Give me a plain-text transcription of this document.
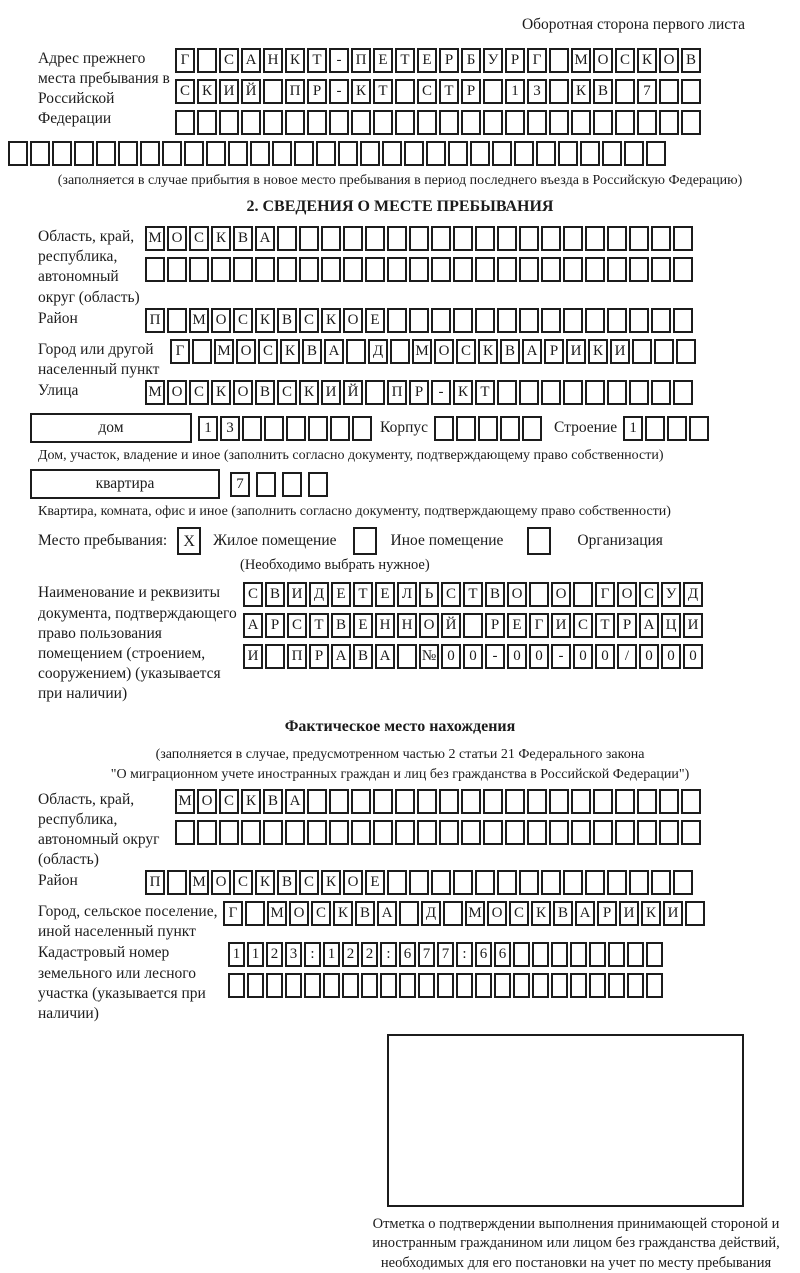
Оборотная сторона первого листа
Адрес прежнего места пребывания в Российской Федерации
Г	С А Н К Т - П Е Т Е Р Б У Р Г	М О С К О В
С К И Й	П Р	- К Т	С Т Р	1 3	К В	7
(заполняется в случае прибытия в новое место пребывания в период последнего въезда в Российскую Федерацию)
2. СВЕДЕНИЯ О МЕСТЕ ПРЕБЫВАНИЯ
Область, край, республика, автономный округ (область)
М О С К В А
Район	П	М О С К В С К О Е
Город или другой населенный пункт
Г	М О С К В А	Д	М О С К В А Р И К И
Улица	М О С К О В С К И Й	П Р	- К Т
дом	1 3	Корпус	Строение 1
Дом, участок, владение и иное (заполнить согласно документу, подтверждающему право собственности)
квартира	7
Квартира, комната, офис и иное (заполнить согласно документу, подтверждающему право собственности)
Место пребывания:	X	Жилое помещение	Иное помещение	Организация
(Необходимо выбрать нужное)
Наименование и реквизиты документа, подтверждающего право пользования помещением (строением, сооружением) (указывается при наличии)
С В И Д Е Т Е Л Ь С Т В О	О	Г О С У Д
А Р С Т В Е Н Н О Й	Р Е Г И С Т Р А Ц И
И	П Р А В А	№ 0 0	-	0 0	-	0 0	/	0 0 0
Фактическое место нахождения
(заполняется в случае, предусмотренном частью 2 статьи 21 Федерального закона
"О миграционном учете иностранных граждан и лиц без гражданства в Российской Федерации")
Область, край, республика, автономный округ (область)
М О С К В А
Район	П	М О С К В С К О Е
Город, сельское поселение, иной населенный пункт
Г	М О С К В А	Д	М О С К В А Р И К И
Кадастровый номер земельного или лесного участка (указывается при наличии)
1 1 2 3 : 1 2 2 : 6 7 7 : 6 6
Отметка о подтверждении выполнения принимающей стороной и иностранным гражданином или лицом без гражданства действий, необходимых для его постановки на учет по месту пребывания
